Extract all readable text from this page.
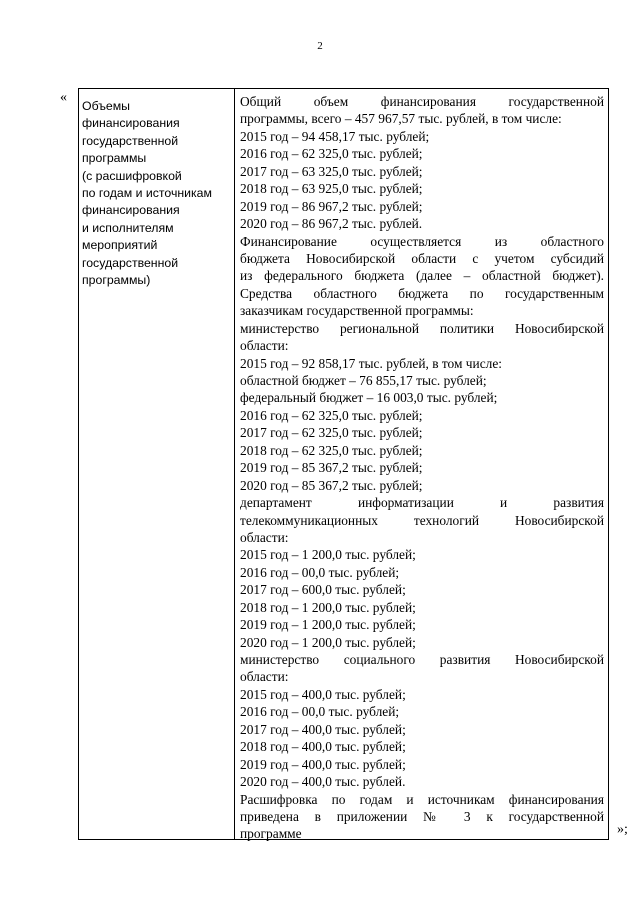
2
«
»;
Объемы
финансирования
государственной
программы
(с расшифровкой
по годам и источникам
финансирования
и исполнителям
мероприятий
государственной
программы)
Общий объем финансирования государственной
программы, всего – 457 967,57 тыс. рублей, в том числе:
2015 год – 94 458,17 тыс. рублей;
2016 год – 62 325,0 тыс. рублей;
2017 год – 63 325,0 тыс. рублей;
2018 год – 63 925,0 тыс. рублей;
2019 год – 86 967,2 тыс. рублей;
2020 год – 86 967,2 тыс. рублей.
Финансирование осуществляется из областного
бюджета Новосибирской области с учетом субсидий
из федерального бюджета (далее – областной бюджет).
Средства областного бюджета по государственным
заказчикам государственной программы:
министерство региональной политики Новосибирской
области:
2015 год – 92 858,17 тыс. рублей, в том числе:
областной бюджет – 76 855,17 тыс. рублей;
федеральный бюджет – 16 003,0 тыс. рублей;
2016 год – 62 325,0 тыс. рублей;
2017 год – 62 325,0 тыс. рублей;
2018 год – 62 325,0 тыс. рублей;
2019 год – 85 367,2 тыс. рублей;
2020 год – 85 367,2 тыс. рублей;
департамент информатизации и развития
телекоммуникационных технологий Новосибирской
области:
2015 год – 1 200,0 тыс. рублей;
2016 год – 00,0 тыс. рублей;
2017 год – 600,0 тыс. рублей;
2018 год – 1 200,0 тыс. рублей;
2019 год – 1 200,0 тыс. рублей;
2020 год – 1 200,0 тыс. рублей;
министерство социального развития Новосибирской
области:
2015 год – 400,0 тыс. рублей;
2016 год – 00,0 тыс. рублей;
2017 год – 400,0 тыс. рублей;
2018 год – 400,0 тыс. рублей;
2019 год – 400,0 тыс. рублей;
2020 год – 400,0 тыс. рублей.
Расшифровка по годам и источникам финансирования
приведена в приложении № 3 к государственной
программе
